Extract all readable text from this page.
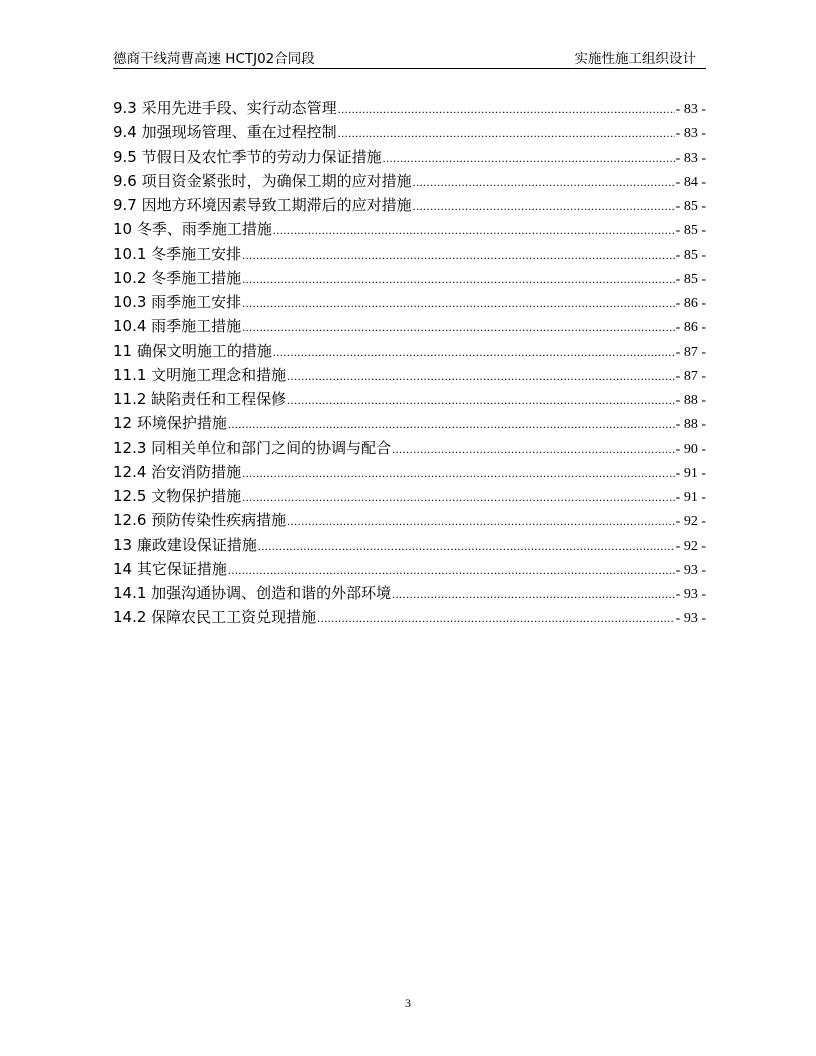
德商干线菏曹高速 HCTJ02合同段	实施性施工组织设计
9.3 采用先进手段、实行动态管理 .....	- 83 -
9.4 加强现场管理、重在过程控制 .....	- 83 -
9.5 节假日及农忙季节的劳动力保证措施 .....	- 83 -
9.6 项目资金紧张时，为确保工期的应对措施 .....	- 84 -
9.7 因地方环境因素导致工期滞后的应对措施 .....	- 85 -
10 冬季、雨季施工措施 .....	- 85 -
10.1 冬季施工安排 .....	- 85 -
10.2 冬季施工措施 .....	- 85 -
10.3 雨季施工安排 .....	- 86 -
10.4 雨季施工措施 .....	- 86 -
11 确保文明施工的措施 .....	- 87 -
11.1 文明施工理念和措施 .....	- 87 -
11.2 缺陷责任和工程保修 .....	- 88 -
12 环境保护措施 .....	- 88 -
12.3 同相关单位和部门之间的协调与配合 .....	- 90 -
12.4 治安消防措施 .....	- 91 -
12.5 文物保护措施 .....	- 91 -
12.6 预防传染性疾病措施 .....	- 92 -
13 廉政建设保证措施 .....	- 92 -
14 其它保证措施 .....	- 93 -
14.1 加强沟通协调、创造和谐的外部环境 .....	- 93 -
14.2 保障农民工工资兑现措施 .....	- 93 -
3
